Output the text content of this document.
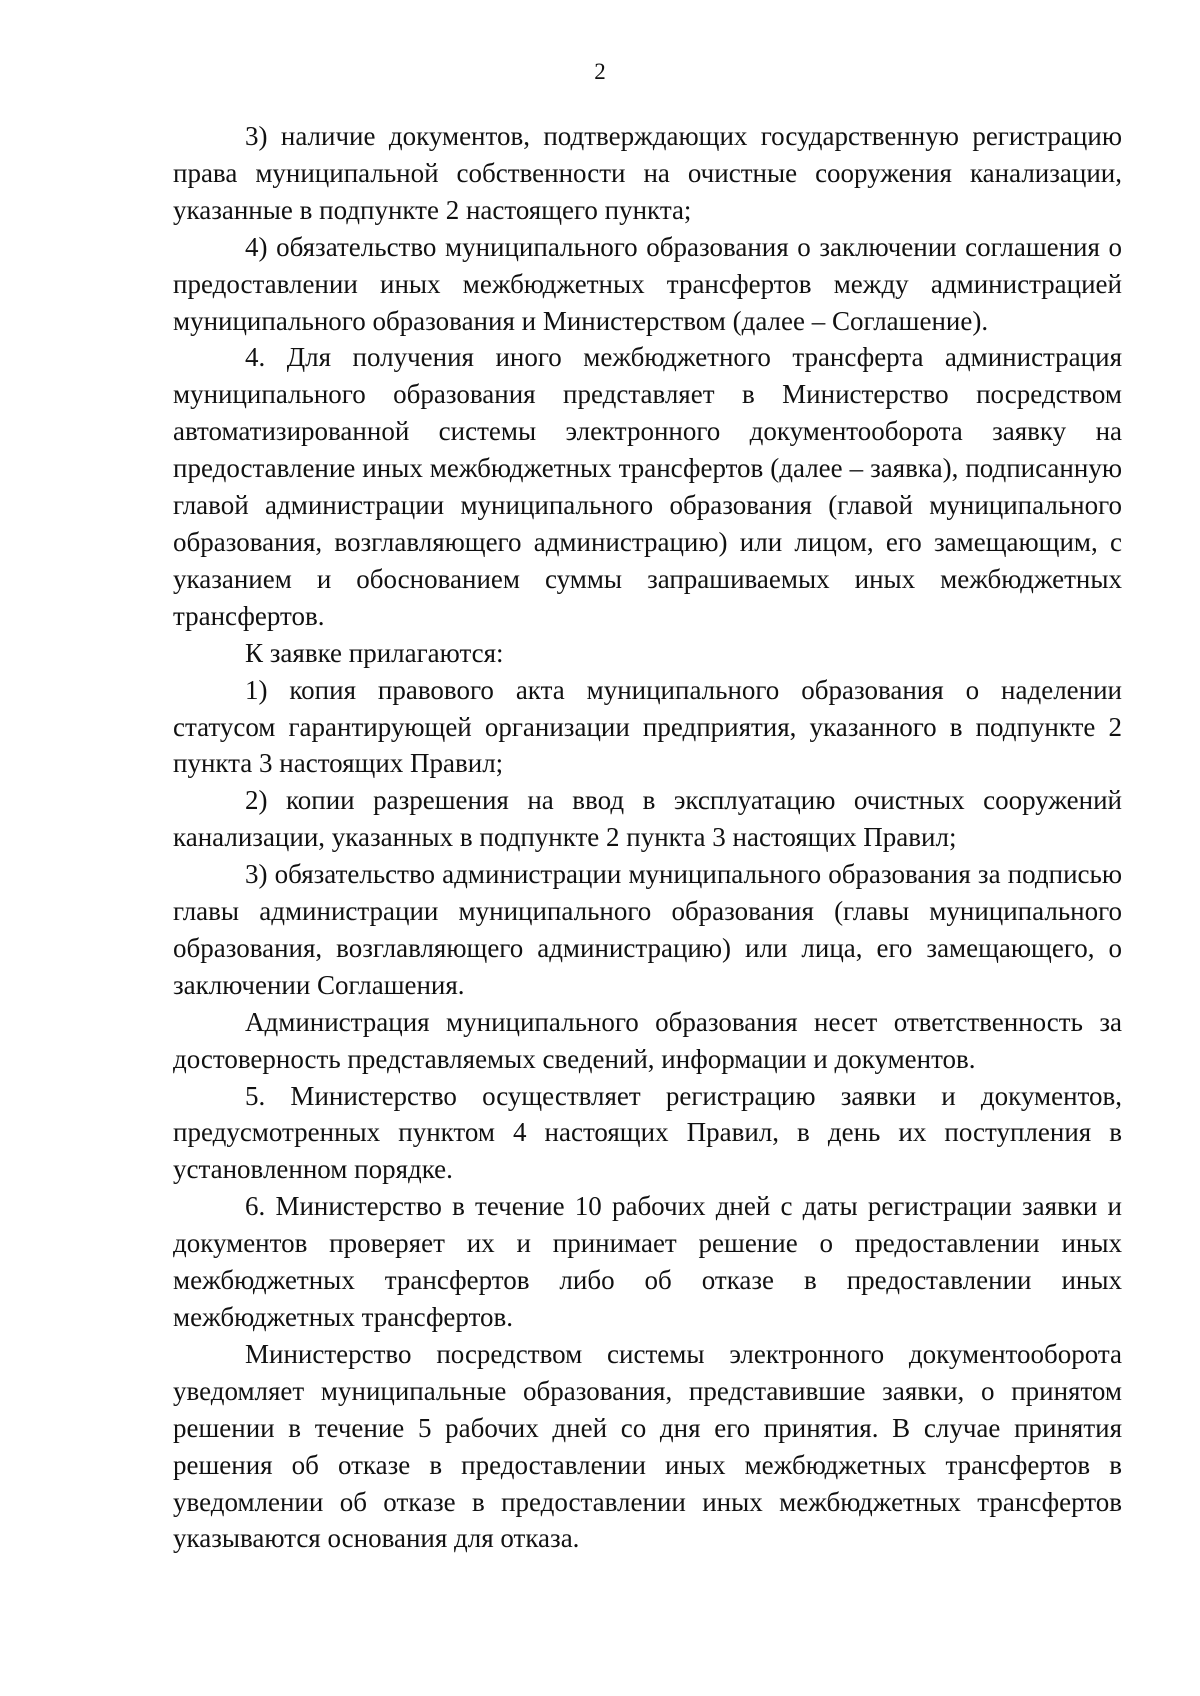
2

3) наличие документов, подтверждающих государственную регистрацию права муниципальной собственности на очистные сооружения канализации, указанные в подпункте 2 настоящего пункта;

4) обязательство муниципального образования о заключении соглашения о предоставлении иных межбюджетных трансфертов между администрацией муниципального образования и Министерством (далее – Соглашение).

4. Для получения иного межбюджетного трансферта администрация муниципального образования представляет в Министерство посредством автоматизированной системы электронного документооборота заявку на предоставление иных межбюджетных трансфертов (далее – заявка), подписанную главой администрации муниципального образования (главой муниципального образования, возглавляющего администрацию) или лицом, его замещающим, с указанием и обоснованием суммы запрашиваемых иных межбюджетных трансфертов.

К заявке прилагаются:

1) копия правового акта муниципального образования о наделении статусом гарантирующей организации предприятия, указанного в подпункте 2 пункта 3 настоящих Правил;

2) копии разрешения на ввод в эксплуатацию очистных сооружений канализации, указанных в подпункте 2 пункта 3 настоящих Правил;

3) обязательство администрации муниципального образования за подписью главы администрации муниципального образования (главы муниципального образования, возглавляющего администрацию) или лица, его замещающего, о заключении Соглашения.

Администрация муниципального образования несет ответственность за достоверность представляемых сведений, информации и документов.

5. Министерство осуществляет регистрацию заявки и документов, предусмотренных пунктом 4 настоящих Правил, в день их поступления в установленном порядке.

6. Министерство в течение 10 рабочих дней с даты регистрации заявки и документов проверяет их и принимает решение о предоставлении иных межбюджетных трансфертов либо об отказе в предоставлении иных межбюджетных трансфертов.

Министерство посредством системы электронного документооборота уведомляет муниципальные образования, представившие заявки, о принятом решении в течение 5 рабочих дней со дня его принятия. В случае принятия решения об отказе в предоставлении иных межбюджетных трансфертов в уведомлении об отказе в предоставлении иных межбюджетных трансфертов указываются основания для отказа.
